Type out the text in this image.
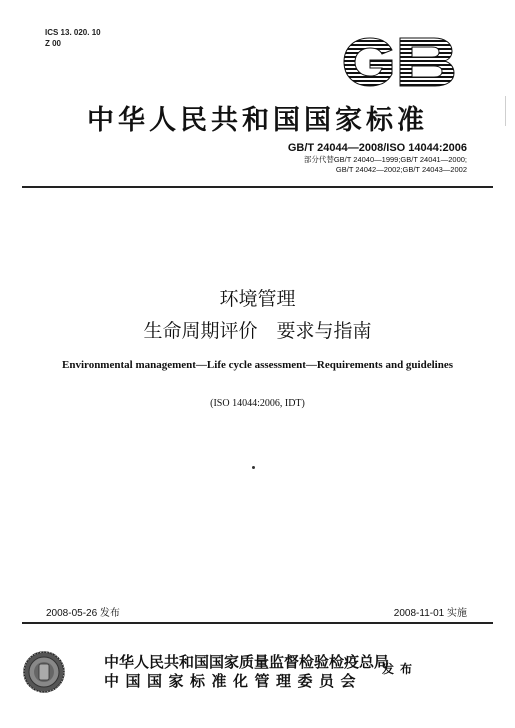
ICS 13. 020. 10
Z 00
中华人民共和国国家标准
GB/T 24044—2008/ISO 14044:2006
部分代替GB/T 24040—1999;GB/T 24041—2000;
GB/T 24042—2002;GB/T 24043—2002
环境管理
生命周期评价　要求与指南
Environmental management—Life cycle assessment—Requirements and guidelines
(ISO 14044:2006, IDT)
2008-05-26 发布	2008-11-01 实施
中华人民共和国国家质量监督检验检疫总局
中国国家标准化管理委员会
发布
